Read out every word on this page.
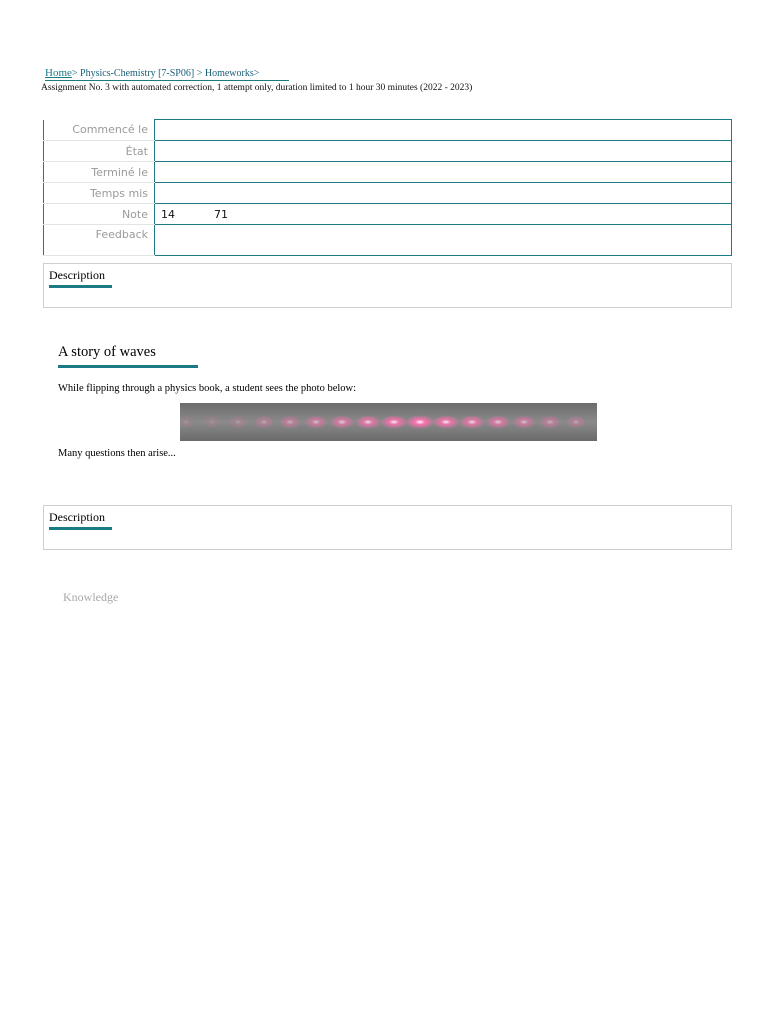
Home> Physics-Chemistry [7-SP06] > Homeworks>
Assignment No. 3 with automated correction, 1 attempt only, duration limited to 1 hour 30 minutes (2022 - 2023)
Commencé le	
État	
Terminé le	
Temps mis	
Note	14 71
Feedback	
Description
A story of waves
While flipping through a physics book, a student sees the photo below:
Many questions then arise...
Description
Knowledge
